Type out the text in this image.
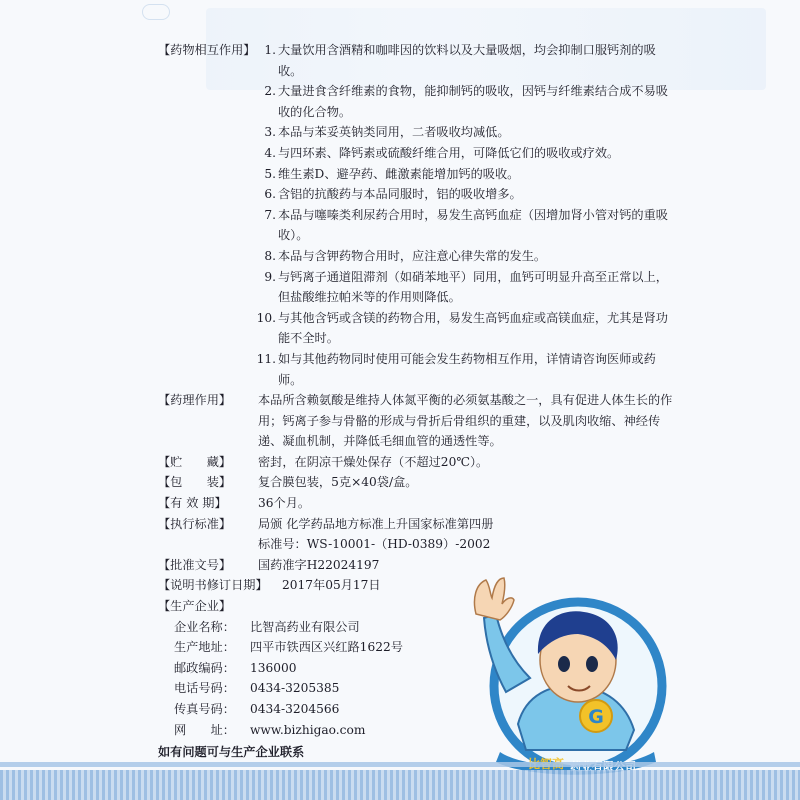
【药物相互作用】 1. 大量饮用含酒精和咖啡因的饮料以及大量吸烟，均会抑制口服钙剂的吸收。
2. 大量进食含纤维素的食物，能抑制钙的吸收，因钙与纤维素结合成不易吸收的化合物。
3. 本品与苯妥英钠类同用，二者吸收均减低。
4. 与四环素、降钙素或硫酸纤维合用，可降低它们的吸收或疗效。
5. 维生素D、避孕药、雌激素能增加钙的吸收。
6. 含铝的抗酸药与本品同服时，铝的吸收增多。
7. 本品与噻嗪类利尿药合用时，易发生高钙血症（因增加肾小管对钙的重吸收）。
8. 本品与含钾药物合用时，应注意心律失常的发生。
9. 与钙离子通道阻滞剂（如硝苯地平）同用，血钙可明显升高至正常以上，但盐酸维拉帕米等的作用则降低。
10. 与其他含钙或含镁的药物合用，易发生高钙血症或高镁血症，尤其是肾功能不全时。
11. 如与其他药物同时使用可能会发生药物相互作用，详情请咨询医师或药师。
【药理作用】	本品所含赖氨酸是维持人体氮平衡的必须氨基酸之一，具有促进人体生长的作用；钙离子参与骨骼的形成与骨折后骨组织的重建，以及肌肉收缩、神经传递、凝血机制，并降低毛细血管的通透性等。
【贮　　藏】	密封，在阴凉干燥处保存（不超过20℃）。
【包　　装】	复合膜包装，5克×40袋/盒。
【有 效 期】	36个月。
【执行标准】	局颁 化学药品地方标准上升国家标准第四册
标准号：WS-10001-（HD-0389）-2002
【批准文号】	国药准字H22024197
【说明书修订日期】	2017年05月17日
【生产企业】
企业名称：	比智高药业有限公司
生产地址：	四平市铁西区兴红路1622号
邮政编码：	136000
电话号码：	0434-3205385
传真号码：	0434-3204566
网　　址：	www.bizhigao.com
如有问题可与生产企业联系
G
